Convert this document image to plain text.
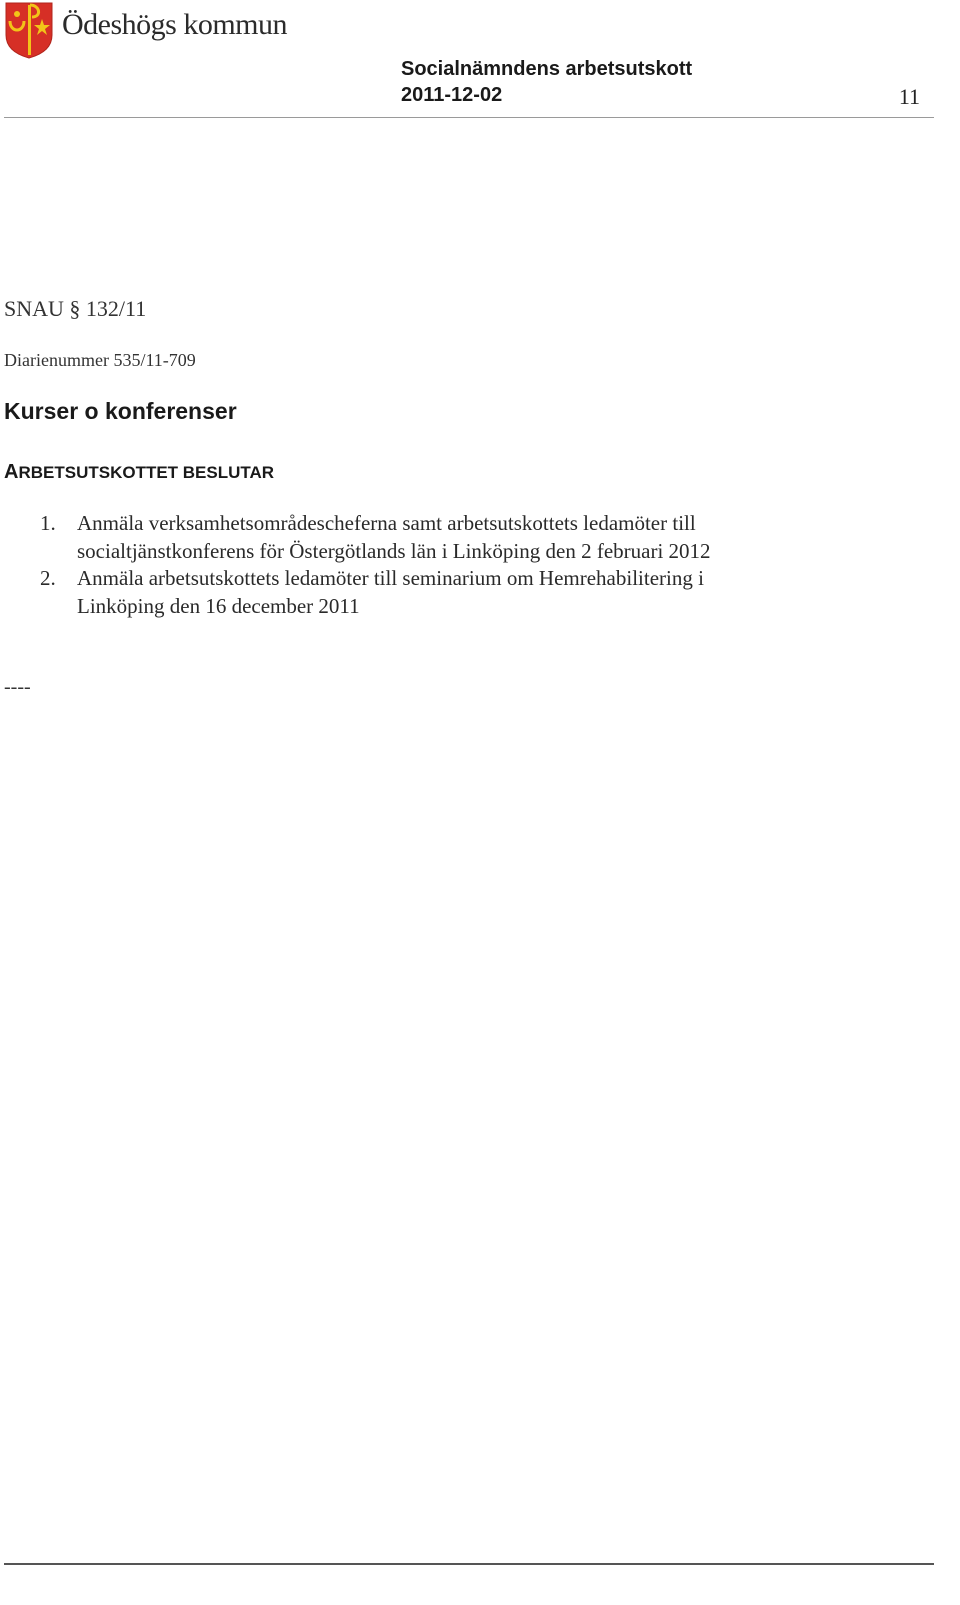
Ödeshögs kommun
Socialnämndens arbetsutskott
2011-12-02	11
SNAU § 132/11
Diarienummer 535/11-709
Kurser o konferenser
ARBETSUTSKOTTET BESLUTAR
1. Anmäla verksamhetsområdescheferna samt arbetsutskottets ledamöter till socialtjänstkonferens för Östergötlands län i Linköping den 2 februari 2012
2. Anmäla arbetsutskottets ledamöter till seminarium om Hemrehabilitering i Linköping den 16 december 2011
----
